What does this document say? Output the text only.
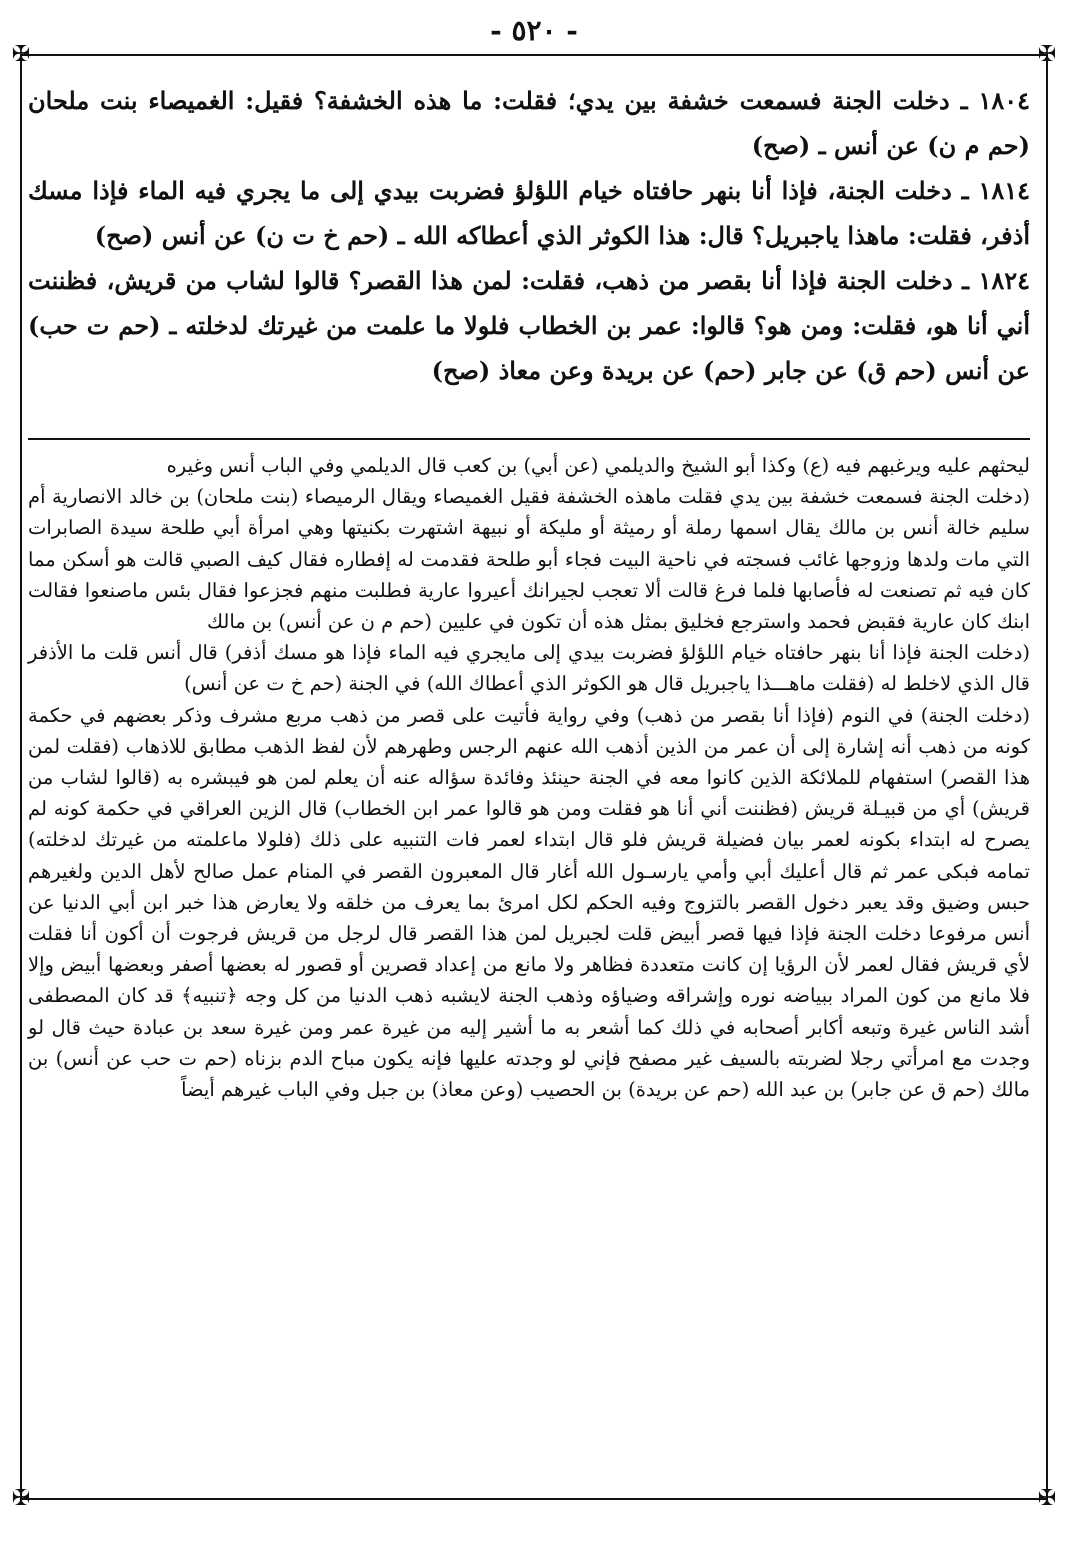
- ٥٢٠ -
✠	✠
✠	✠

١٨٠٤ ـ دخلت الجنة فسمعت خشفة بين يدي؛ فقلت: ما هذه الخشفة؟ فقيل: الغميصاء بنت ملحان (حم م ن) عن أنس ـ (صح)

١٨١٤ ـ دخلت الجنة، فإذا أنا بنهر حافتاه خيام اللؤلؤ فضربت بيدي إلى ما يجري فيه الماء فإذا مسك أذفر، فقلت: ماهذا ياجبريل؟ قال: هذا الكوثر الذي أعطاكه الله ـ (حم خ ت ن) عن أنس (صح)

١٨٢٤ ـ دخلت الجنة فإذا أنا بقصر من ذهب، فقلت: لمن هذا القصر؟ قالوا لشاب من قريش، فظننت أني أنا هو، فقلت: ومن هو؟ قالوا: عمر بن الخطاب فلولا ما علمت من غيرتك لدخلته ـ (حم ت حب) عن أنس (حم ق) عن جابر (حم) عن بريدة وعن معاذ (صح)

ليحثهم عليه ويرغبهم فيه (ع) وكذا أبو الشيخ والديلمي (عن أبي) بن كعب قال الديلمي وفي الباب أنس وغيره

(دخلت الجنة فسمعت خشفة بين يدي فقلت ماهذه الخشفة فقيل الغميصاء ويقال الرميصاء (بنت ملحان) بن خالد الانصارية أم سليم خالة أنس بن مالك يقال اسمها رملة أو رميثة أو مليكة أو نبيهة اشتهرت بكنيتها وهي امرأة أبي طلحة سيدة الصابرات التي مات ولدها وزوجها غائب فسجته في ناحية البيت فجاء أبو طلحة فقدمت له إفطاره فقال كيف الصبي قالت هو أسكن مما كان فيه ثم تصنعت له فأصابها فلما فرغ قالت ألا تعجب لجيرانك أعيروا عارية فطلبت منهم فجزعوا فقال بئس ماصنعوا فقالت ابنك كان عارية فقبض فحمد واسترجع فخليق بمثل هذه أن تكون في عليين (حم م ن عن أنس) بن مالك

(دخلت الجنة فإذا أنا بنهر حافتاه خيام اللؤلؤ فضربت بيدي إلى مايجري فيه الماء فإذا هو مسك أذفر) قال أنس قلت ما الأذفر قال الذي لاخلط له (فقلت ماهـــذا ياجبريل قال هو الكوثر الذي أعطاك الله) في الجنة (حم خ ت عن أنس)

(دخلت الجنة) في النوم (فإذا أنا بقصر من ذهب) وفي رواية فأتيت على قصر من ذهب مربع مشرف وذكر بعضهم في حكمة كونه من ذهب أنه إشارة إلى أن عمر من الذين أذهب الله عنهم الرجس وطهرهم لأن لفظ الذهب مطابق للاذهاب (فقلت لمن هذا القصر) استفهام للملائكة الذين كانوا معه في الجنة حينئذ وفائدة سؤاله عنه أن يعلم لمن هو فيبشره به (قالوا لشاب من قريش) أي من قبيـلة قريش (فظننت أني أنا هو فقلت ومن هو قالوا عمر ابن الخطاب) قال الزين العراقي في حكمة كونه لم يصرح له ابتداء بكونه لعمر بيان فضيلة قريش فلو قال ابتداء لعمر فات التنبيه على ذلك (فلولا ماعلمته من غيرتك لدخلته) تمامه فبكى عمر ثم قال أعليك أبي وأمي يارسـول الله أغار قال المعبرون القصر في المنام عمل صالح لأهل الدين ولغيرهم حبس وضيق وقد يعبر دخول القصر بالتزوج وفيه الحكم لكل امرئ بما يعرف من خلقه ولا يعارض هذا خبر ابن أبي الدنيا عن أنس مرفوعا دخلت الجنة فإذا فيها قصر أبيض قلت لجبريل لمن هذا القصر قال لرجل من قريش فرجوت أن أكون أنا فقلت لأي قريش فقال لعمر لأن الرؤيا إن كانت متعددة فظاهر ولا مانع من إعداد قصرين أو قصور له بعضها أصفر وبعضها أبيض وإلا فلا مانع من كون المراد ببياضه نوره وإشراقه وضياؤه وذهب الجنة لايشبه ذهب الدنيا من كل وجه ﴿تنبيه﴾ قد كان المصطفى أشد الناس غيرة وتبعه أكابر أصحابه في ذلك كما أشعر به ما أشير إليه من غيرة عمر ومن غيرة سعد بن عبادة حيث قال لو وجدت مع امرأتي رجلا لضربته بالسيف غير مصفح فإني لو وجدته عليها فإنه يكون مباح الدم بزناه (حم ت حب عن أنس) بن مالك (حم ق عن جابر) بن عبد الله (حم عن بريدة) بن الحصيب (وعن معاذ) بن جبل وفي الباب غيرهم أيضاً
